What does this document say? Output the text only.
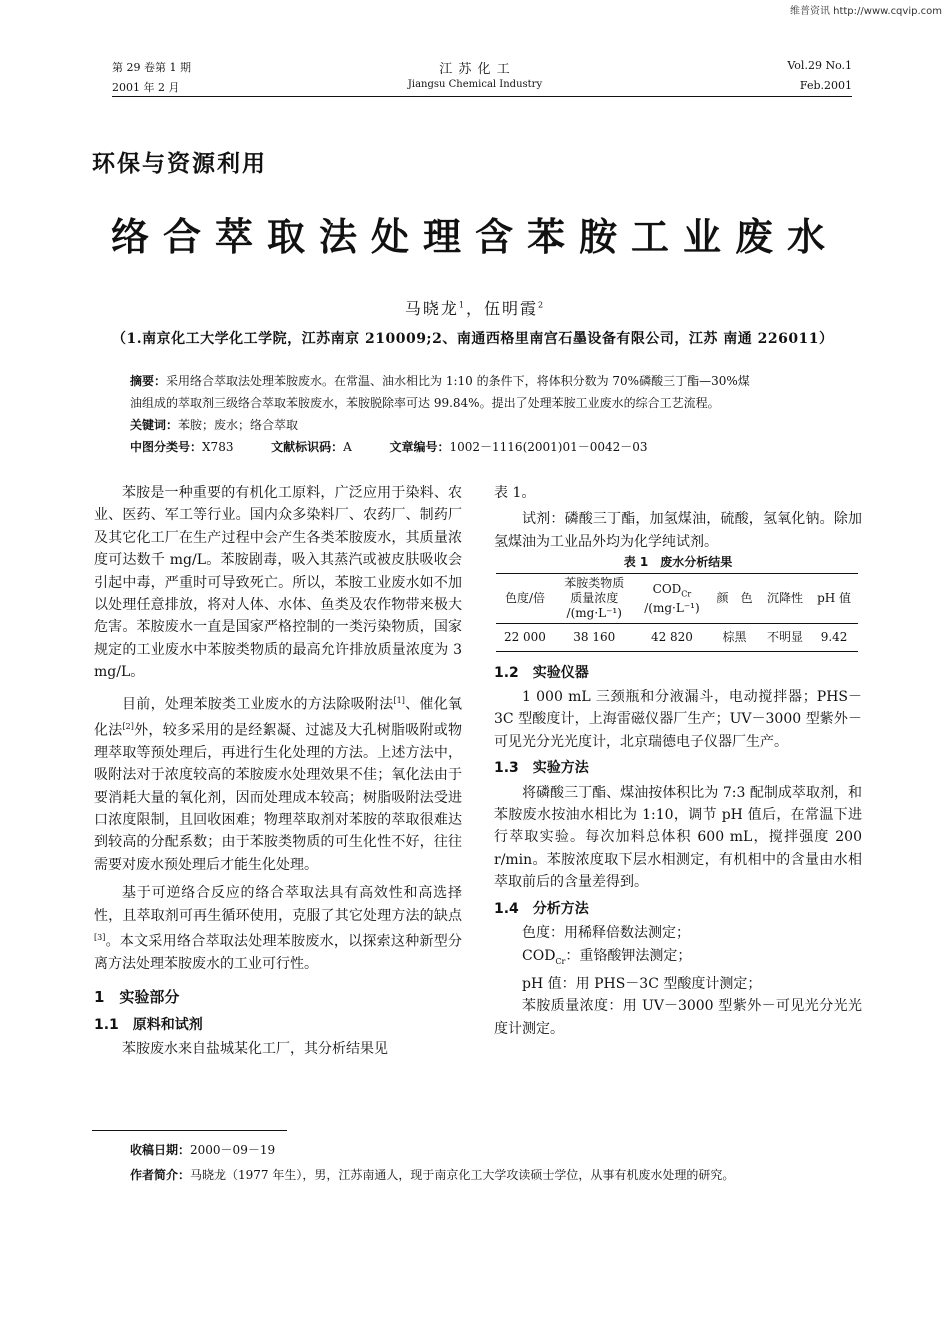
维普资讯 http://www.cqvip.com
第 29 卷第 1 期
2001 年 2 月
江 苏 化 工
Jiangsu Chemical Industry
Vol.29 No.1
Feb.2001
环保与资源利用
络合萃取法处理含苯胺工业废水
马晓龙$^1$，伍明霞$^2$
（1.南京化工大学化工学院，江苏南京 210009;2、南通西格里南宫石墨设备有限公司，江苏 南通 226011）
摘要：采用络合萃取法处理苯胺废水。在常温、油水相比为 1:10 的条件下，将体积分数为 70%磷酸三丁酯—30%煤
油组成的萃取剂三级络合萃取苯胺废水，苯胺脱除率可达 99.84%。提出了处理苯胺工业废水的综合工艺流程。
关键词：苯胺；废水；络合萃取
中图分类号：X783	文献标识码：A	文章编号：1002－1116(2001)01－0042－03

苯胺是一种重要的有机化工原料，广泛应用于染料、农业、医药、军工等行业。国内众多染料厂、农药厂、制药厂及其它化工厂在生产过程中会产生各类苯胺废水，其质量浓度可达数千 mg/L。苯胺剧毒，吸入其蒸汽或被皮肤吸收会引起中毒，严重时可导致死亡。所以，苯胺工业废水如不加以处理任意排放，将对人体、水体、鱼类及农作物带来极大危害。苯胺废水一直是国家严格控制的一类污染物质，国家规定的工业废水中苯胺类物质的最高允许排放质量浓度为 3 mg/L。

目前，处理苯胺类工业废水的方法除吸附法[1]、催化氧化法[2]外，较多采用的是经絮凝、过滤及大孔树脂吸附或物理萃取等预处理后，再进行生化处理的方法。上述方法中，吸附法对于浓度较高的苯胺废水处理效果不佳；氧化法由于要消耗大量的氧化剂，因而处理成本较高；树脂吸附法受进口浓度限制，且回收困难；物理萃取剂对苯胺的萃取很难达到较高的分配系数；由于苯胺类物质的可生化性不好，往往需要对废水预处理后才能生化处理。

基于可逆络合反应的络合萃取法具有高效性和高选择性，且萃取剂可再生循环使用，克服了其它处理方法的缺点[3]。本文采用络合萃取法处理苯胺废水，以探索这种新型分离方法处理苯胺废水的工业可行性。

1　实验部分
1.1　原料和试剂

苯胺废水来自盐城某化工厂，其分析结果见

表 1。

试剂：磷酸三丁酯，加氢煤油，硫酸，氢氧化钠。除加氢煤油为工业品外均为化学纯试剂。

表 1　废水分析结果
色度/倍	苯胺类物质
质量浓度
/(mg·L⁻¹)	$COD_{Cr}$
/(mg·L⁻¹)	颜　色	沉降性	pH 值
22 000	38 160	42 820	棕黑	不明显	9.42
1.2　实验仪器

1 000 mL 三颈瓶和分液漏斗，电动搅拌器；PHS－3C 型酸度计，上海雷磁仪器厂生产；UV－3000 型紫外－可见光分光光度计，北京瑞德电子仪器厂生产。

1.3　实验方法

将磷酸三丁酯、煤油按体积比为 7:3 配制成萃取剂，和苯胺废水按油水相比为 1:10，调节 pH 值后，在常温下进行萃取实验。每次加料总体积 600 mL，搅拌强度 200 r/min。苯胺浓度取下层水相测定，有机相中的含量由水相萃取前后的含量差得到。

1.4　分析方法

色度：用稀释倍数法测定；

$COD_{Cr}$：重铬酸钾法测定；

pH 值：用 PHS－3C 型酸度计测定；

苯胺质量浓度：用 UV－3000 型紫外－可见光分光光度计测定。

收稿日期：2000－09－19
作者简介：马晓龙（1977 年生），男，江苏南通人，现于南京化工大学攻读硕士学位，从事有机废水处理的研究。
